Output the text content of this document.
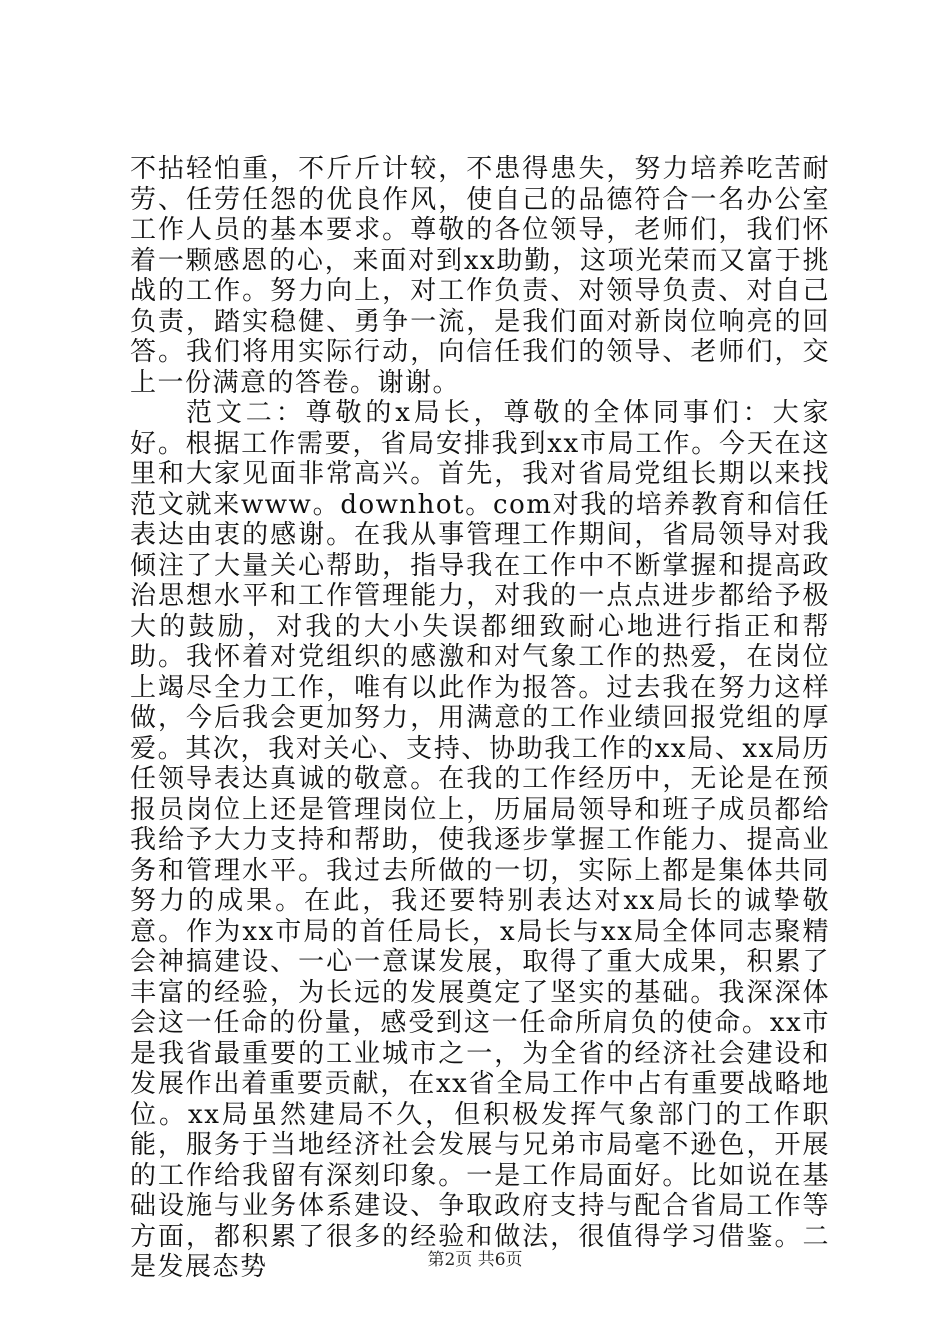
不拈轻怕重，不斤斤计较，不患得患失，努力培养吃苦耐劳、任劳任怨的优良作风，使自己的品德符合一名办公室工作人员的基本要求。尊敬的各位领导，老师们，我们怀着一颗感恩的心，来面对到xx助勤，这项光荣而又富于挑战的工作。努力向上，对工作负责、对领导负责、对自己负责，踏实稳健、勇争一流，是我们面对新岗位响亮的回答。我们将用实际行动，向信任我们的领导、老师们，交上一份满意的答卷。谢谢。

范文二：尊敬的x局长，尊敬的全体同事们：大家好。根据工作需要，省局安排我到xx市局工作。今天在这里和大家见面非常高兴。首先，我对省局党组长期以来找范文就来www。downhot。com对我的培养教育和信任表达由衷的感谢。在我从事管理工作期间，省局领导对我倾注了大量关心帮助，指导我在工作中不断掌握和提高政治思想水平和工作管理能力，对我的一点点进步都给予极大的鼓励，对我的大小失误都细致耐心地进行指正和帮助。我怀着对党组织的感激和对气象工作的热爱，在岗位上竭尽全力工作，唯有以此作为报答。过去我在努力这样做，今后我会更加努力，用满意的工作业绩回报党组的厚爱。其次，我对关心、支持、协助我工作的xx局、xx局历任领导表达真诚的敬意。在我的工作经历中，无论是在预报员岗位上还是管理岗位上，历届局领导和班子成员都给我给予大力支持和帮助，使我逐步掌握工作能力、提高业务和管理水平。我过去所做的一切，实际上都是集体共同努力的成果。在此，我还要特别表达对xx局长的诚挚敬意。作为xx市局的首任局长，x局长与xx局全体同志聚精会神搞建设、一心一意谋发展，取得了重大成果，积累了丰富的经验，为长远的发展奠定了坚实的基础。我深深体会这一任命的份量，感受到这一任命所肩负的使命。xx市是我省最重要的工业城市之一，为全省的经济社会建设和发展作出着重要贡献，在xx省全局工作中占有重要战略地位。xx局虽然建局不久，但积极发挥气象部门的工作职能，服务于当地经济社会发展与兄弟市局毫不逊色，开展的工作给我留有深刻印象。一是工作局面好。比如说在基础设施与业务体系建设、争取政府支持与配合省局工作等方面，都积累了很多的经验和做法，很值得学习借鉴。二是发展态势	第2页 共6页
